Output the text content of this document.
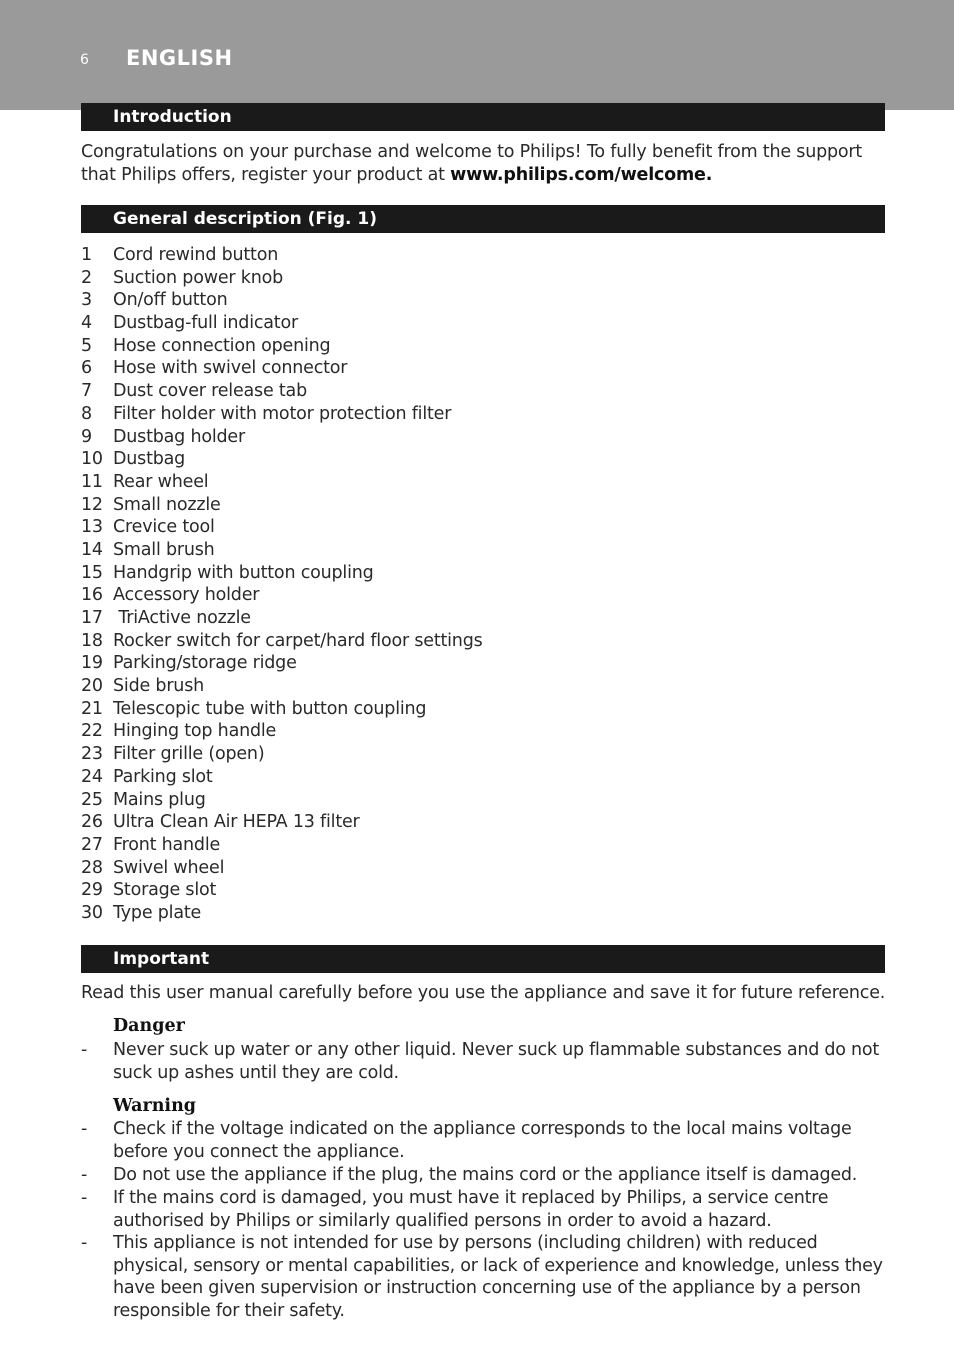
6 ENGLISH
Introduction
Congratulations on your purchase and welcome to Philips! To fully benefit from the support that Philips offers, register your product at www.philips.com/welcome.
General description (Fig. 1)
1	Cord rewind button
2	Suction power knob
3	On/off button
4	Dustbag-full indicator
5	Hose connection opening
6	Hose with swivel connector
7	Dust cover release tab
8	Filter holder with motor protection filter
9	Dustbag holder
10 Dustbag
11 Rear wheel
12 Small nozzle
13 Crevice tool
14 Small brush
15 Handgrip with button coupling
16 Accessory holder
17 TriActive nozzle
18 Rocker switch for carpet/hard floor settings
19 Parking/storage ridge
20 Side brush
21 Telescopic tube with button coupling
22 Hinging top handle
23 Filter grille (open)
24 Parking slot
25 Mains plug
26 Ultra Clean Air HEPA 13 filter
27 Front handle
28 Swivel wheel
29 Storage slot
30 Type plate
Important
Read this user manual carefully before you use the appliance and save it for future reference.
Danger
- Never suck up water or any other liquid. Never suck up flammable substances and do not suck up ashes until they are cold.
Warning
- Check if the voltage indicated on the appliance corresponds to the local mains voltage before you connect the appliance.
- Do not use the appliance if the plug, the mains cord or the appliance itself is damaged.
- If the mains cord is damaged, you must have it replaced by Philips, a service centre authorised by Philips or similarly qualified persons in order to avoid a hazard.
- This appliance is not intended for use by persons (including children) with reduced physical, sensory or mental capabilities, or lack of experience and knowledge, unless they have been given supervision or instruction concerning use of the appliance by a person responsible for their safety.
